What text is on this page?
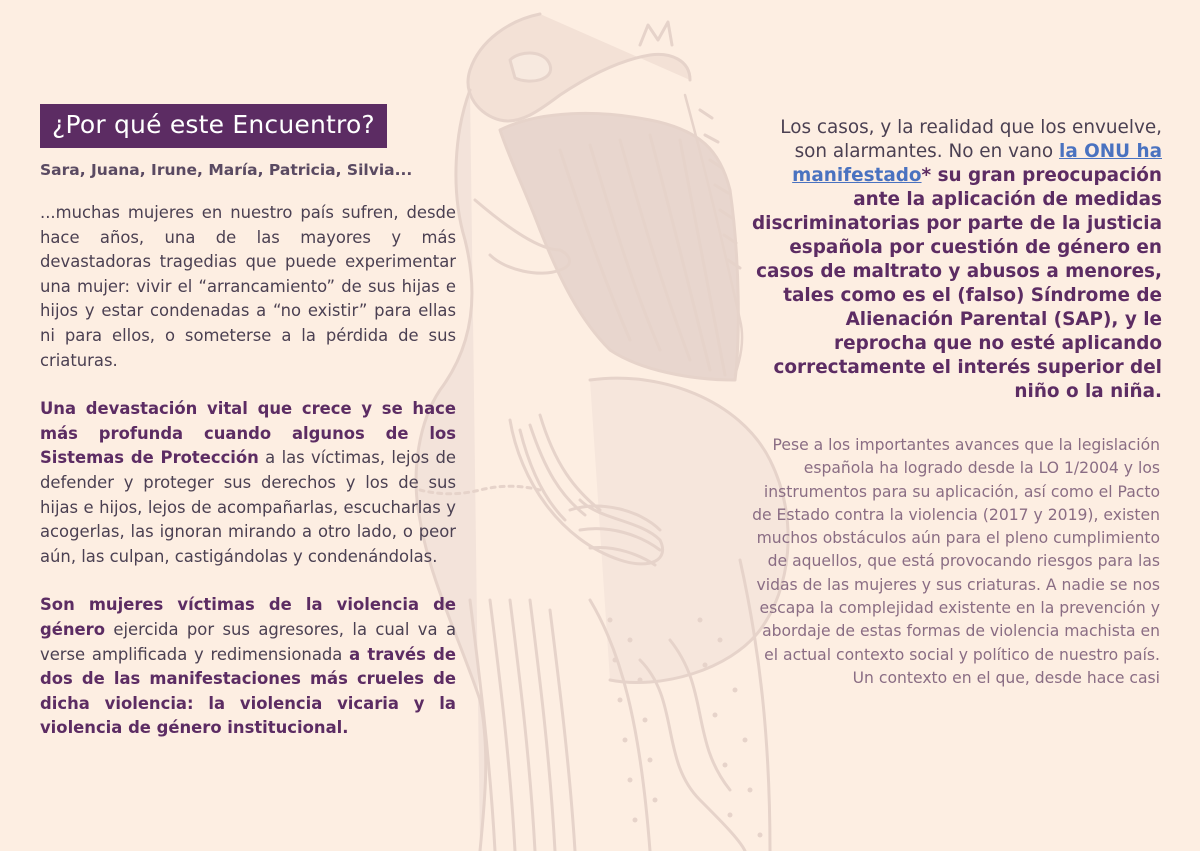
¿Por qué este Encuentro?
Sara, Juana, Irune, María, Patricia, Silvia...

...muchas mujeres en nuestro país sufren, desde hace años, una de las mayores y más devastadoras tragedias que puede experimentar una mujer: vivir el “arrancamiento” de sus hijas e hijos y estar condenadas a “no existir” para ellas ni para ellos, o someterse a la pérdida de sus criaturas.

Una devastación vital que crece y se hace más profunda cuando algunos de los Sistemas de Protección a las víctimas, lejos de defender y proteger sus derechos y los de sus hijas e hijos, lejos de acompañarlas, escucharlas y acogerlas, las ignoran mirando a otro lado, o peor aún, las culpan, castigándolas y condenándolas.

Son mujeres víctimas de la violencia de género ejercida por sus agresores, la cual va a verse amplificada y redimensionada a través de dos de las manifestaciones más crueles de dicha violencia: la violencia vicaria y la violencia de género institucional.

Los casos, y la realidad que los envuelve, son alarmantes. No en vano la ONU ha manifestado* su gran preocupación ante la aplicación de medidas discriminatorias por parte de la justicia española por cuestión de género en casos de maltrato y abusos a menores, tales como es el (falso) Síndrome de Alienación Parental (SAP), y le reprocha que no esté aplicando correctamente el interés superior del niño o la niña.

Pese a los importantes avances que la legislación española ha logrado desde la LO 1/2004 y los instrumentos para su aplicación, así como el Pacto de Estado contra la violencia (2017 y 2019), existen muchos obstáculos aún para el pleno cumplimiento de aquellos, que está provocando riesgos para las vidas de las mujeres y sus criaturas. A nadie se nos escapa la complejidad existente en la prevención y abordaje de estas formas de violencia machista en el actual contexto social y político de nuestro país. Un contexto en el que, desde hace casi
